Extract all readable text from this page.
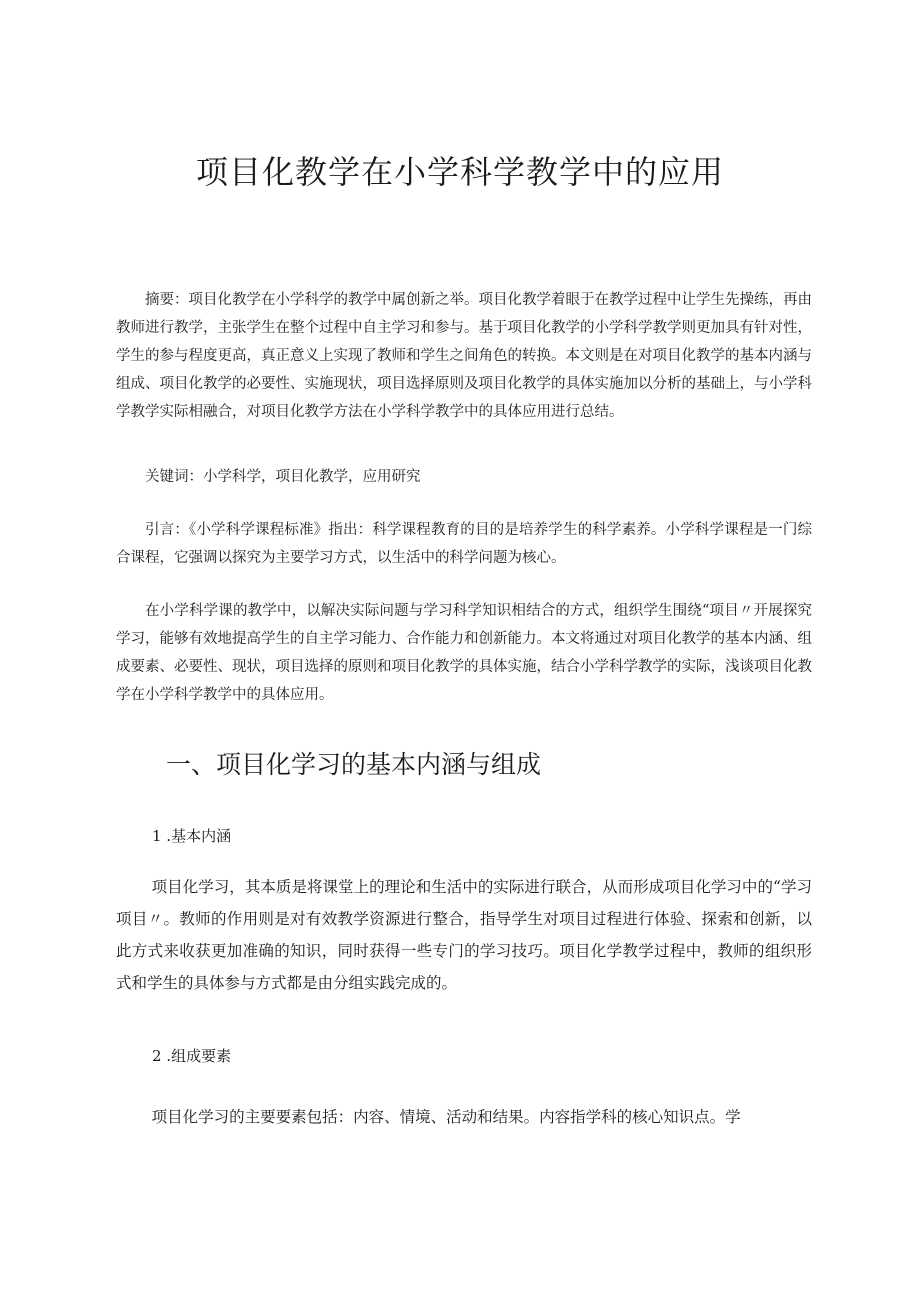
项目化教学在小学科学教学中的应用

摘要：项目化教学在小学科学的教学中属创新之举。项目化教学着眼于在教学过程中让学生先操练，再由教师进行教学，主张学生在整个过程中自主学习和参与。基于项目化教学的小学科学教学则更加具有针对性，学生的参与程度更高，真正意义上实现了教师和学生之间角色的转换。本文则是在对项目化教学的基本内涵与组成、项目化教学的必要性、实施现状，项目选择原则及项目化教学的具体实施加以分析的基础上，与小学科学教学实际相融合，对项目化教学方法在小学科学教学中的具体应用进行总结。

关键词：小学科学，项目化教学，应用研究

引言：《小学科学课程标准》指出：科学课程教育的目的是培养学生的科学素养。小学科学课程是一门综合课程，它强调以探究为主要学习方式，以生活中的科学问题为核心。

在小学科学课的教学中，以解决实际问题与学习科学知识相结合的方式，组织学生围绕“项目〃开展探究学习，能够有效地提高学生的自主学习能力、合作能力和创新能力。本文将通过对项目化教学的基本内涵、组成要素、必要性、现状，项目选择的原则和项目化教学的具体实施，结合小学科学教学的实际，浅谈项目化教学在小学科学教学中的具体应用。

一、项目化学习的基本内涵与组成
1 .基本内涵

项目化学习，其本质是将课堂上的理论和生活中的实际进行联合，从而形成项目化学习中的“学习项目〃。教师的作用则是对有效教学资源进行整合，指导学生对项目过程进行体验、探索和创新，以此方式来收获更加准确的知识，同时获得一些专门的学习技巧。项目化学教学过程中，教师的组织形式和学生的具体参与方式都是由分组实践完成的。

2 .组成要素

项目化学习的主要要素包括：内容、情境、活动和结果。内容指学科的核心知识点。学
